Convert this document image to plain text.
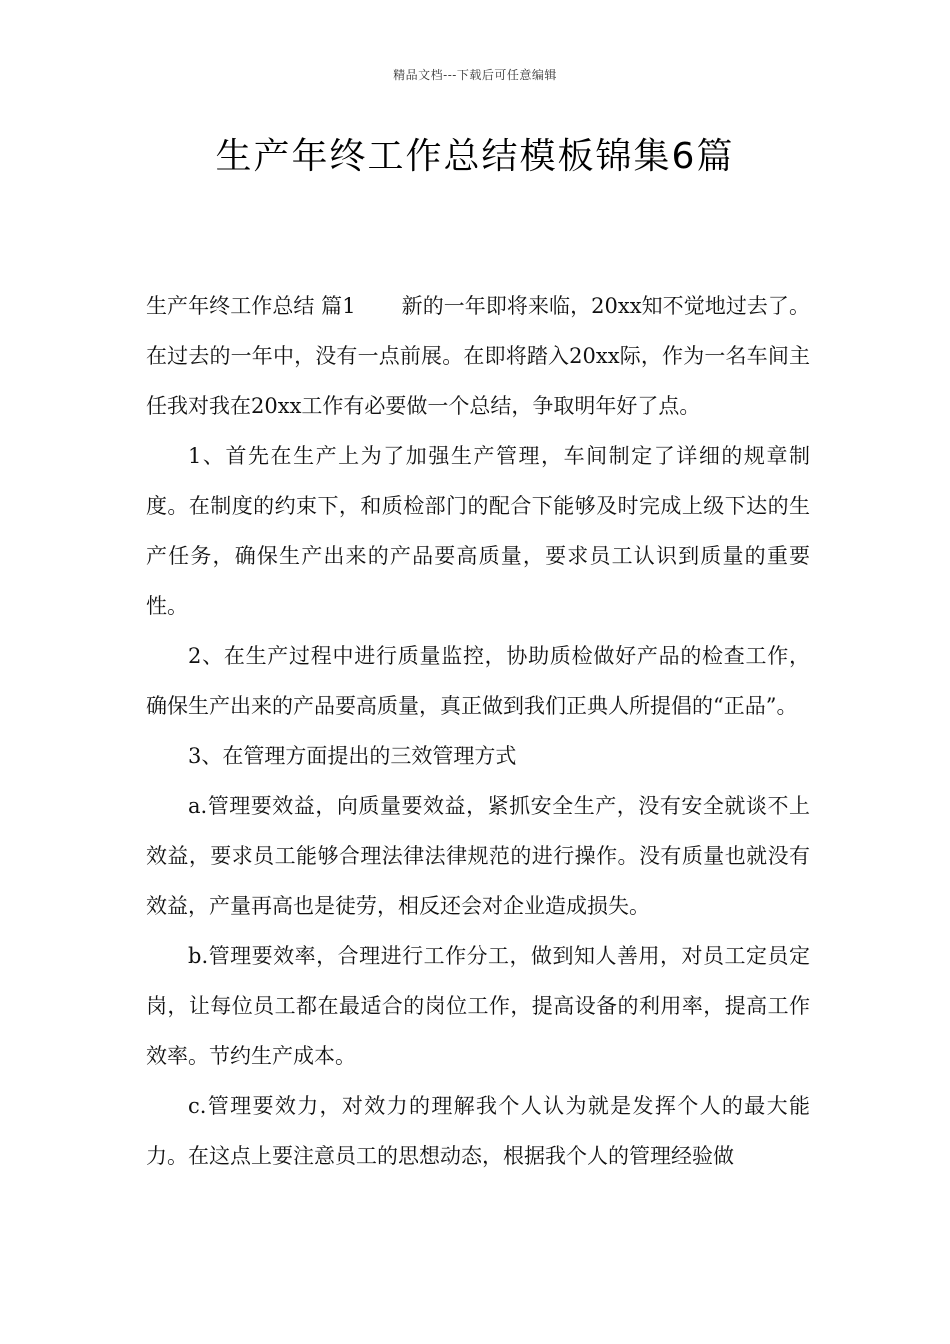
精品文档---下载后可任意编辑
生产年终工作总结模板锦集6篇

生产年终工作总结 篇1 新的一年即将来临，20xx知不觉地过去了。在过去的一年中，没有一点前展。在即将踏入20xx际，作为一名车间主任我对我在20xx工作有必要做一个总结，争取明年好了点。

1、首先在生产上为了加强生产管理，车间制定了详细的规章制度。在制度的约束下，和质检部门的配合下能够及时完成上级下达的生产任务，确保生产出来的产品要高质量，要求员工认识到质量的重要性。

2、在生产过程中进行质量监控，协助质检做好产品的检查工作，确保生产出来的产品要高质量，真正做到我们正典人所提倡的“正品”。

3、在管理方面提出的三效管理方式

a.管理要效益，向质量要效益，紧抓安全生产，没有安全就谈不上效益，要求员工能够合理法律法律规范的进行操作。没有质量也就没有效益，产量再高也是徒劳，相反还会对企业造成损失。

b.管理要效率，合理进行工作分工，做到知人善用，对员工定员定岗，让每位员工都在最适合的岗位工作，提高设备的利用率，提高工作效率。节约生产成本。

c.管理要效力，对效力的理解我个人认为就是发挥个人的最大能力。在这点上要注意员工的思想动态，根据我个人的管理经验做
